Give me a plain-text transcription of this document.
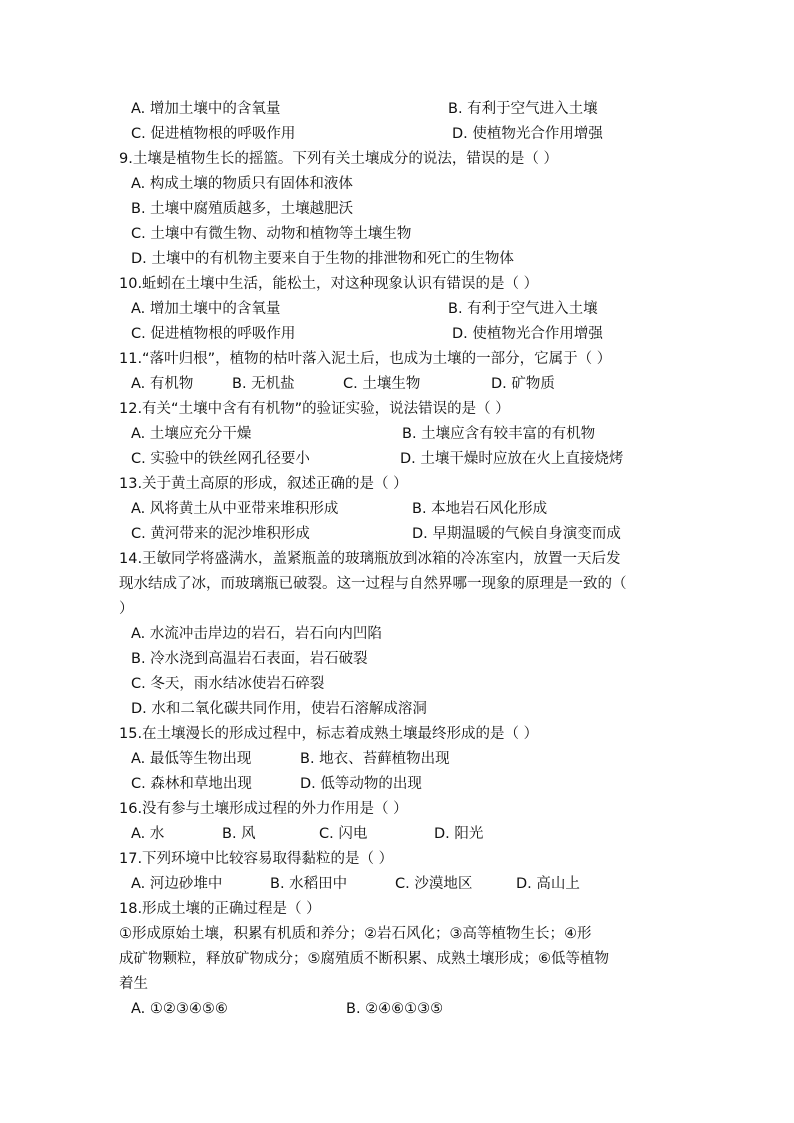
A. 增加土壤中的含氧量	B. 有利于空气进入土壤
C. 促进植物根的呼吸作用	D. 使植物光合作用增强
9.土壤是植物生长的摇篮。下列有关土壤成分的说法，错误的是（ ）
A. 构成土壤的物质只有固体和液体
B. 土壤中腐殖质越多，土壤越肥沃
C. 土壤中有微生物、动物和植物等土壤生物
D. 土壤中的有机物主要来自于生物的排泄物和死亡的生物体
10.蚯蚓在土壤中生活，能松土，对这种现象认识有错误的是（ ）
A. 增加土壤中的含氧量	B. 有利于空气进入土壤
C. 促进植物根的呼吸作用	D. 使植物光合作用增强
11.“落叶归根”，植物的枯叶落入泥土后，也成为土壤的一部分，它属于（ ）
A. 有机物	B. 无机盐	C. 土壤生物	D. 矿物质
12.有关“土壤中含有有机物”的验证实验，说法错误的是（ ）
A. 土壤应充分干燥	B. 土壤应含有较丰富的有机物
C. 实验中的铁丝网孔径要小	D. 土壤干燥时应放在火上直接烧烤
13.关于黄土高原的形成，叙述正确的是（ ）
A. 风将黄土从中亚带来堆积形成	B. 本地岩石风化形成
C. 黄河带来的泥沙堆积形成	D. 早期温暖的气候自身演变而成
14.王敏同学将盛满水，盖紧瓶盖的玻璃瓶放到冰箱的冷冻室内，放置一天后发
现水结成了冰，而玻璃瓶已破裂。这一过程与自然界哪一现象的原理是一致的（
）
A. 水流冲击岸边的岩石，岩石向内凹陷
B. 冷水浇到高温岩石表面，岩石破裂
C. 冬天，雨水结冰使岩石碎裂
D. 水和二氧化碳共同作用，使岩石溶解成溶洞
15.在土壤漫长的形成过程中，标志着成熟土壤最终形成的是（ ）
A. 最低等生物出现	B. 地衣、苔藓植物出现
C. 森林和草地出现	D. 低等动物的出现
16.没有参与土壤形成过程的外力作用是（ ）
A. 水	B. 风	C. 闪电	D. 阳光
17.下列环境中比较容易取得黏粒的是（ ）
A. 河边砂堆中	B. 水稻田中	C. 沙漠地区	D. 高山上
18.形成土壤的正确过程是（ ）
①形成原始土壤，积累有机质和养分；②岩石风化；③高等植物生长；④形
成矿物颗粒，释放矿物成分；⑤腐殖质不断积累、成熟土壤形成；⑥低等植物
着生
A. ①②③④⑤⑥	B. ②④⑥①③⑤
